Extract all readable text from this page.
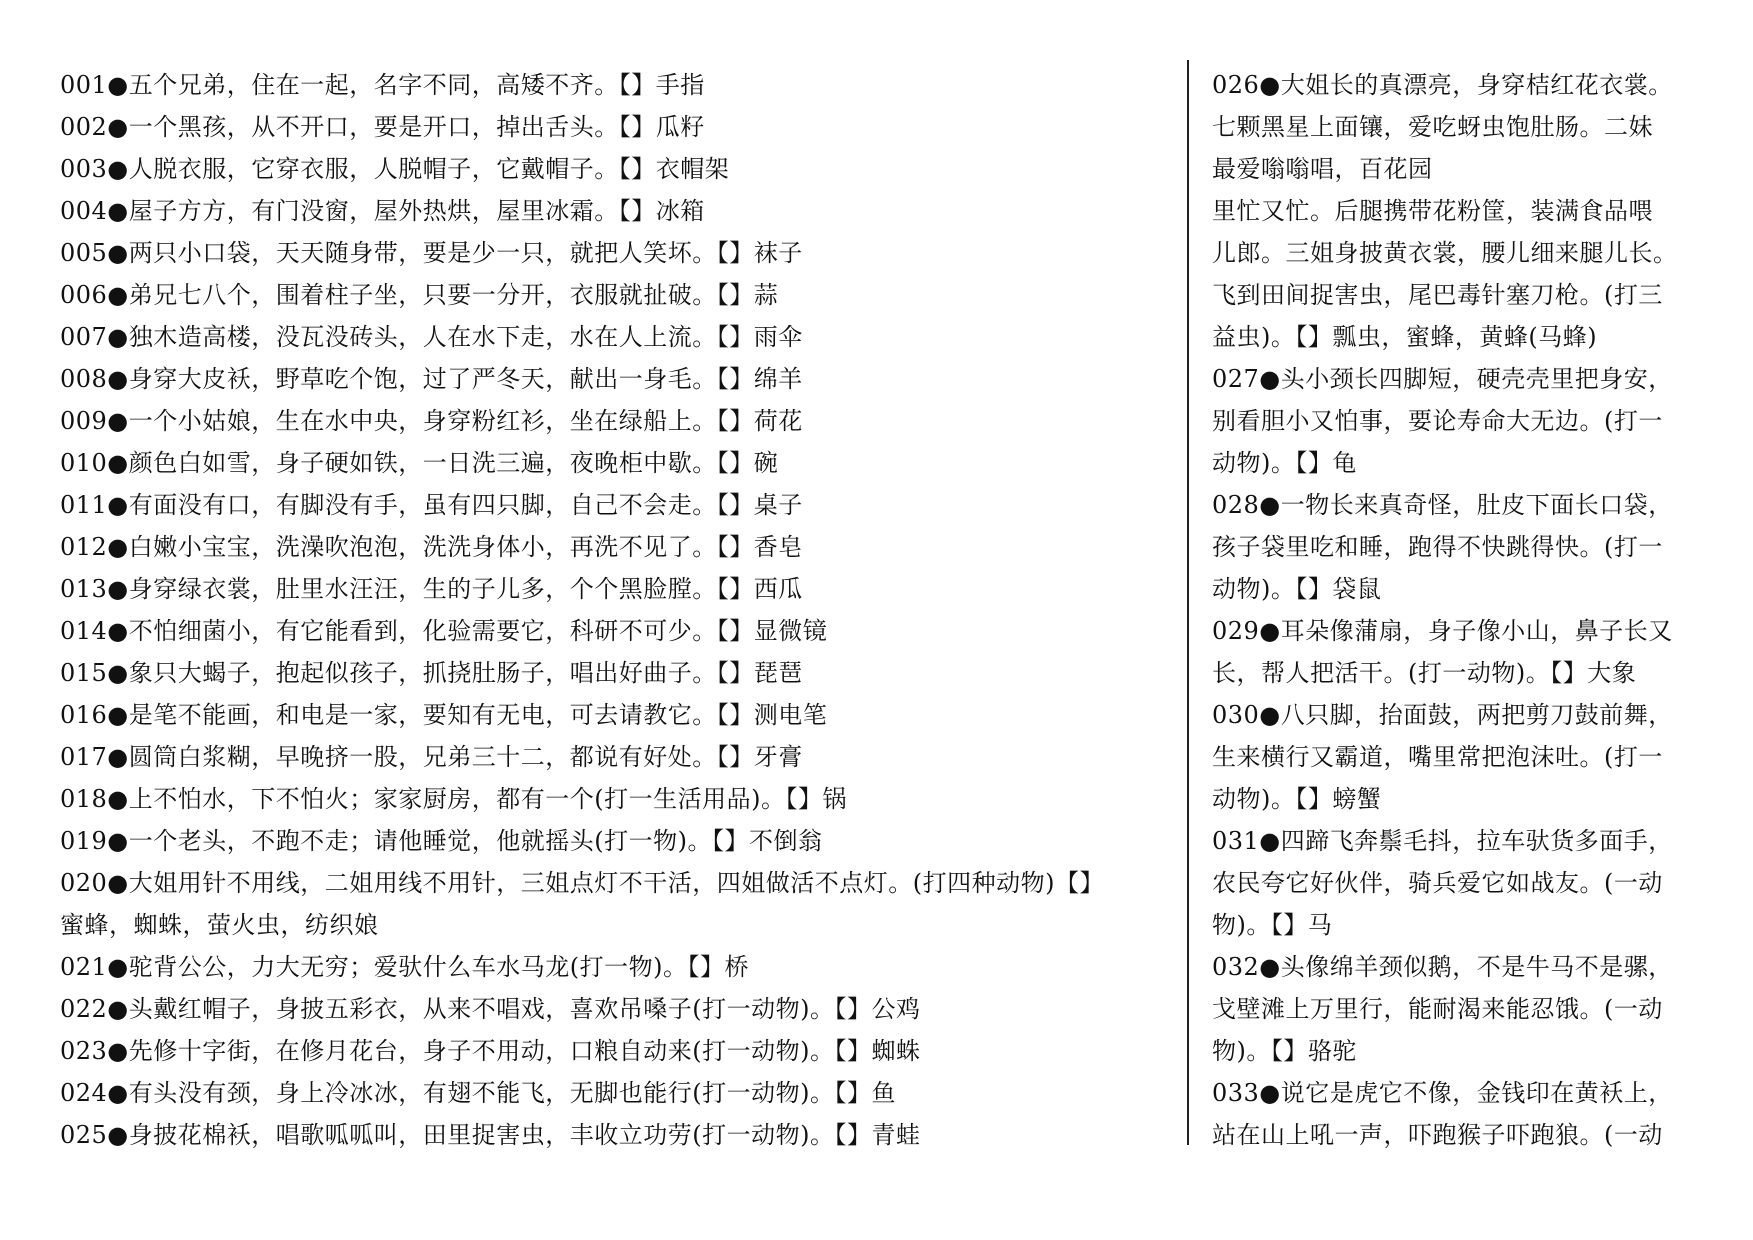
001●五个兄弟，住在一起，名字不同，高矮不齐。【】手指
002●一个黑孩，从不开口，要是开口，掉出舌头。【】瓜籽
003●人脱衣服，它穿衣服，人脱帽子，它戴帽子。【】衣帽架
004●屋子方方，有门没窗，屋外热烘，屋里冰霜。【】冰箱
005●两只小口袋，天天随身带，要是少一只，就把人笑坏。【】袜子
006●弟兄七八个，围着柱子坐，只要一分开，衣服就扯破。【】蒜
007●独木造高楼，没瓦没砖头，人在水下走，水在人上流。【】雨伞
008●身穿大皮袄，野草吃个饱，过了严冬天，献出一身毛。【】绵羊
009●一个小姑娘，生在水中央，身穿粉红衫，坐在绿船上。【】荷花
010●颜色白如雪，身子硬如铁，一日洗三遍，夜晚柜中歇。【】碗
011●有面没有口，有脚没有手，虽有四只脚，自己不会走。【】桌子
012●白嫩小宝宝，洗澡吹泡泡，洗洗身体小，再洗不见了。【】香皂
013●身穿绿衣裳，肚里水汪汪，生的子儿多，个个黑脸膛。【】西瓜
014●不怕细菌小，有它能看到，化验需要它，科研不可少。【】显微镜
015●象只大蝎子，抱起似孩子，抓挠肚肠子，唱出好曲子。【】琵琶
016●是笔不能画，和电是一家，要知有无电，可去请教它。【】测电笔
017●圆筒白浆糊，早晚挤一股，兄弟三十二，都说有好处。【】牙膏
018●上不怕水，下不怕火；家家厨房，都有一个(打一生活用品)。【】锅
019●一个老头，不跑不走；请他睡觉，他就摇头(打一物)。【】不倒翁
020●大姐用针不用线，二姐用线不用针，三姐点灯不干活，四姐做活不点灯。(打四种动物)【】
蜜蜂，蜘蛛，萤火虫，纺织娘
021●驼背公公，力大无穷；爱驮什么车水马龙(打一物)。【】桥
022●头戴红帽子，身披五彩衣，从来不唱戏，喜欢吊嗓子(打一动物)。【】公鸡
023●先修十字街，在修月花台，身子不用动，口粮自动来(打一动物)。【】蜘蛛
024●有头没有颈，身上冷冰冰，有翅不能飞，无脚也能行(打一动物)。【】鱼
025●身披花棉袄，唱歌呱呱叫，田里捉害虫，丰收立功劳(打一动物)。【】青蛙
026●大姐长的真漂亮，身穿桔红花衣裳。
七颗黑星上面镶，爱吃蚜虫饱肚肠。二妹
最爱嗡嗡唱，百花园
里忙又忙。后腿携带花粉筐，装满食品喂
儿郎。三姐身披黄衣裳，腰儿细来腿儿长。
飞到田间捉害虫，尾巴毒针塞刀枪。(打三
益虫)。【】瓢虫，蜜蜂，黄蜂(马蜂)
027●头小颈长四脚短，硬壳壳里把身安，
别看胆小又怕事，要论寿命大无边。(打一
动物)。【】龟
028●一物长来真奇怪，肚皮下面长口袋，
孩子袋里吃和睡，跑得不快跳得快。(打一
动物)。【】袋鼠
029●耳朵像蒲扇，身子像小山，鼻子长又
长，帮人把活干。(打一动物)。【】大象
030●八只脚，抬面鼓，两把剪刀鼓前舞，
生来横行又霸道，嘴里常把泡沫吐。(打一
动物)。【】螃蟹
031●四蹄飞奔鬃毛抖，拉车驮货多面手，
农民夸它好伙伴，骑兵爱它如战友。(一动
物)。【】马
032●头像绵羊颈似鹅，不是牛马不是骡，
戈壁滩上万里行，能耐渴来能忍饿。(一动
物)。【】骆驼
033●说它是虎它不像，金钱印在黄袄上，
站在山上吼一声，吓跑猴子吓跑狼。(一动
